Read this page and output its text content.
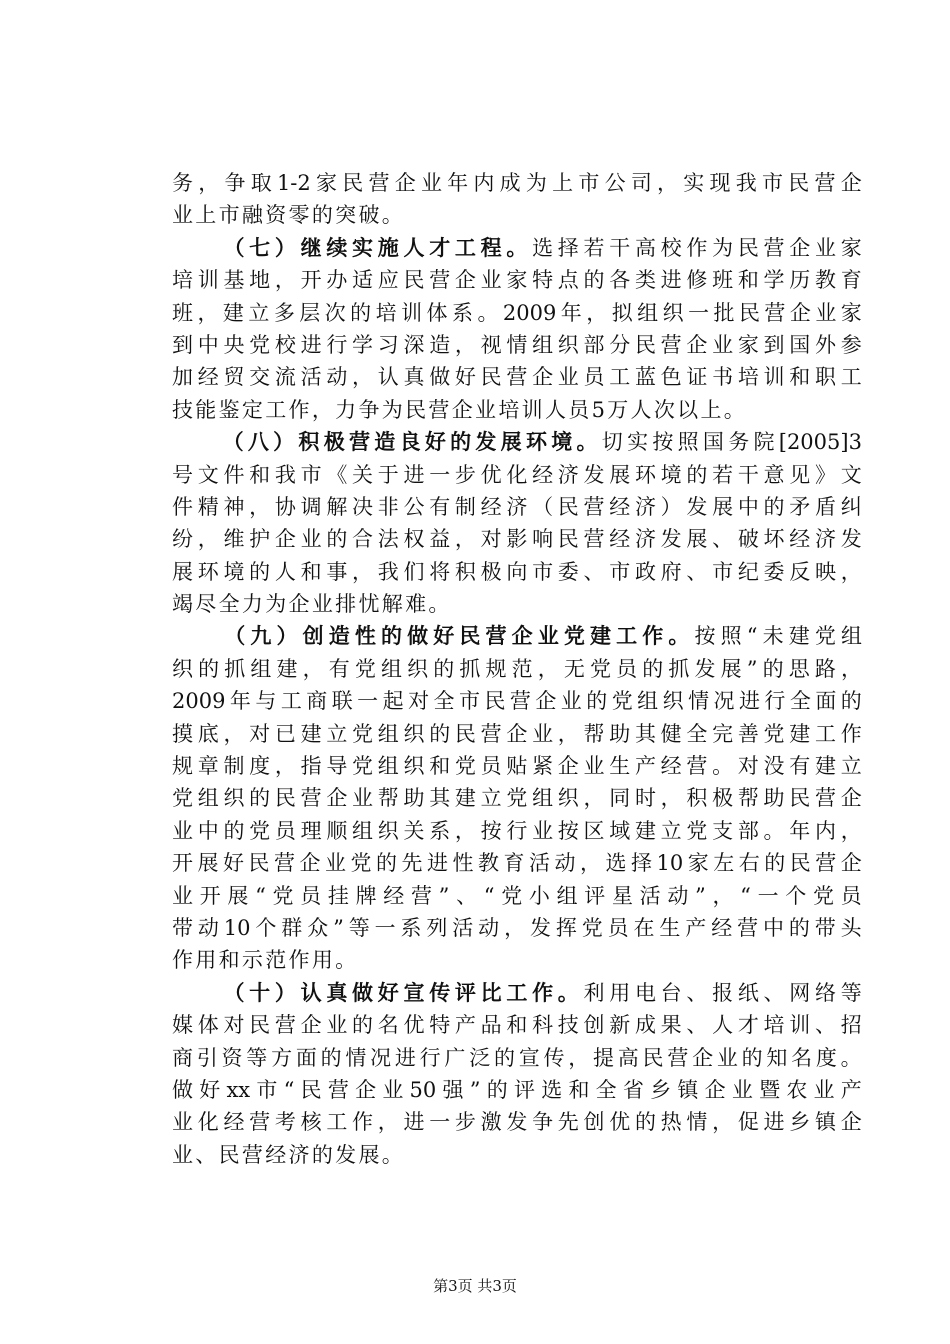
务 ， 争 取 1-2 家 民 营 企 业 年 内 成 为 上 市 公 司 ， 实 现 我 市 民 营 企
业上市融资零的突破。

（ 七 ） 继 续 实 施 人 才 工 程 。 选 择 若 干 高 校 作 为 民 营 企 业 家
培 训 基 地 ， 开 办 适 应 民 营 企 业 家 特 点 的 各 类 进 修 班 和 学 历 教 育
班 ， 建 立 多 层 次 的 培 训 体 系 。 2009 年 ， 拟 组 织 一 批 民 营 企 业 家
到 中 央 党 校 进 行 学 习 深 造 ， 视 情 组 织 部 分 民 营 企 业 家 到 国 外 参
加 经 贸 交 流 活 动 ， 认 真 做 好 民 营 企 业 员 工 蓝 色 证 书 培 训 和 职 工
技能鉴定工作，力争为民营企业培训人员5万人次以上。

（ 八 ） 积 极 营 造 良 好 的 发 展 环 境 。 切 实 按 照 国 务 院 [2005]3
号 文 件 和 我 市 《 关 于 进 一 步 优 化 经 济 发 展 环 境 的 若 干 意 见 》 文
件 精 神 ， 协 调 解 决 非 公 有 制 经 济 （ 民 营 经 济 ） 发 展 中 的 矛 盾 纠
纷 ， 维 护 企 业 的 合 法 权 益 ， 对 影 响 民 营 经 济 发 展 、 破 坏 经 济 发
展 环 境 的 人 和 事 ， 我 们 将 积 极 向 市 委 、 市 政 府 、 市 纪 委 反 映 ，
竭尽全力为企业排忧解难。

（ 九 ） 创 造 性 的 做 好 民 营 企 业 党 建 工 作 。 按 照 “ 未 建 党 组
织 的 抓 组 建 ， 有 党 组 织 的 抓 规 范 ， 无 党 员 的 抓 发 展 ” 的 思 路 ，
2009 年 与 工 商 联 一 起 对 全 市 民 营 企 业 的 党 组 织 情 况 进 行 全 面 的
摸 底 ， 对 已 建 立 党 组 织 的 民 营 企 业 ， 帮 助 其 健 全 完 善 党 建 工 作
规 章 制 度 ， 指 导 党 组 织 和 党 员 贴 紧 企 业 生 产 经 营 。 对 没 有 建 立
党 组 织 的 民 营 企 业 帮 助 其 建 立 党 组 织 ， 同 时 ， 积 极 帮 助 民 营 企
业 中 的 党 员 理 顺 组 织 关 系 ， 按 行 业 按 区 域 建 立 党 支 部 。 年 内 ，
开 展 好 民 营 企 业 党 的 先 进 性 教 育 活 动 ， 选 择 10 家 左 右 的 民 营 企
业 开 展 “ 党 员 挂 牌 经 营 ” 、 “ 党 小 组 评 星 活 动 ” ， “ 一 个 党 员
带 动 10 个 群 众 ” 等 一 系 列 活 动 ， 发 挥 党 员 在 生 产 经 营 中 的 带 头
作用和示范作用。

（ 十 ） 认 真 做 好 宣 传 评 比 工 作 。 利 用 电 台 、 报 纸 、 网 络 等
媒 体 对 民 营 企 业 的 名 优 特 产 品 和 科 技 创 新 成 果 、 人 才 培 训 、 招
商 引 资 等 方 面 的 情 况 进 行 广 泛 的 宣 传 ， 提 高 民 营 企 业 的 知 名 度 。
做 好 xx 市 “ 民 营 企 业 50 强 ” 的 评 选 和 全 省 乡 镇 企 业 暨 农 业 产
业 化 经 营 考 核 工 作 ， 进 一 步 激 发 争 先 创 优 的 热 情 ， 促 进 乡 镇 企
业、民营经济的发展。
第3页 共3页
